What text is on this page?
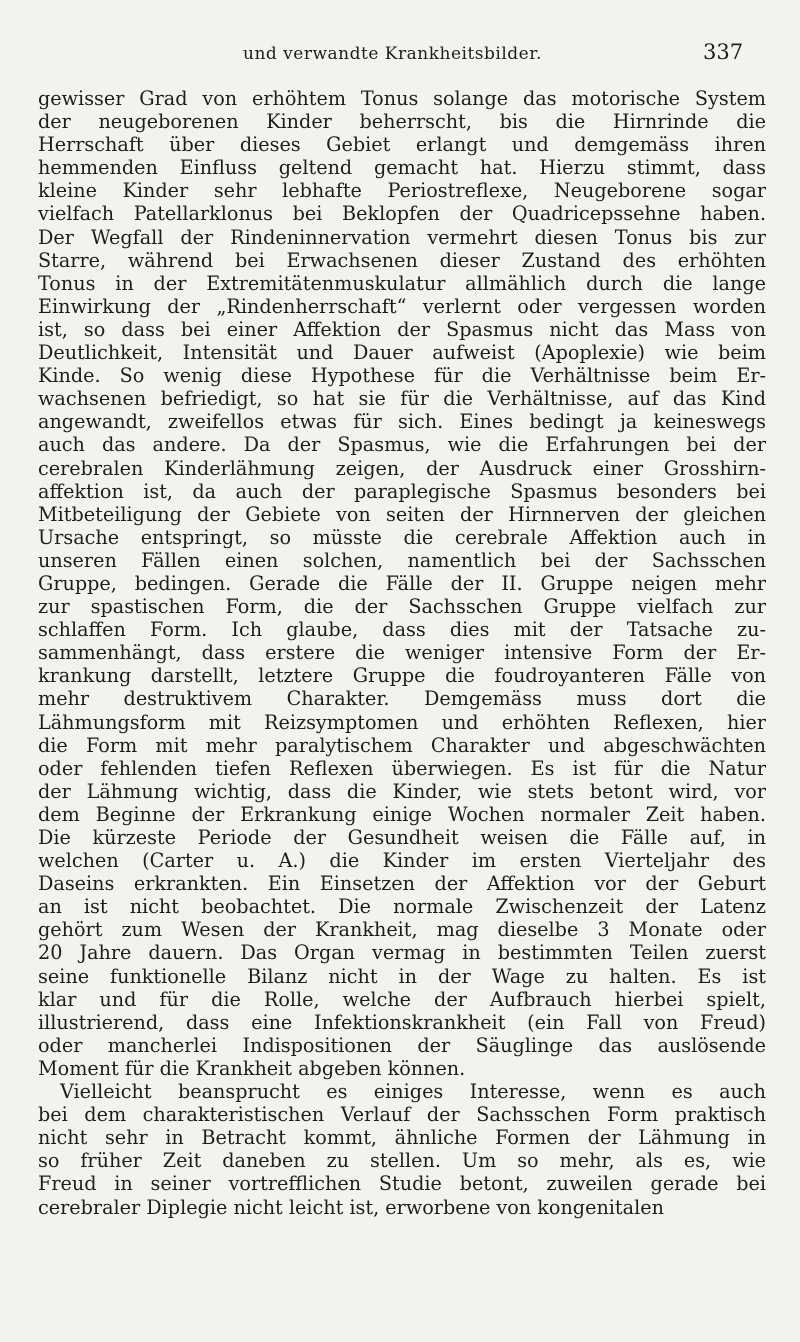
und verwandte Krankheitsbilder.	337
gewisser Grad von erhöhtem Tonus solange das motorische System
der neugeborenen Kinder beherrscht, bis die Hirnrinde die
Herrschaft über dieses Gebiet erlangt und demgemäss ihren
hemmenden Einfluss geltend gemacht hat. Hierzu stimmt, dass
kleine Kinder sehr lebhafte Periostreflexe, Neugeborene sogar
vielfach Patellarklonus bei Beklopfen der Quadricepssehne haben.
Der Wegfall der Rindeninnervation vermehrt diesen Tonus bis zur
Starre, während bei Erwachsenen dieser Zustand des erhöhten
Tonus in der Extremitätenmuskulatur allmählich durch die lange
Einwirkung der „Rindenherrschaft“ verlernt oder vergessen worden
ist, so dass bei einer Affektion der Spasmus nicht das Mass von
Deutlichkeit, Intensität und Dauer aufweist (Apoplexie) wie beim
Kinde. So wenig diese Hypothese für die Verhältnisse beim Er-
wachsenen befriedigt, so hat sie für die Verhältnisse, auf das Kind
angewandt, zweifellos etwas für sich. Eines bedingt ja keineswegs
auch das andere. Da der Spasmus, wie die Erfahrungen bei der
cerebralen Kinderlähmung zeigen, der Ausdruck einer Grosshirn-
affektion ist, da auch der paraplegische Spasmus besonders bei
Mitbeteiligung der Gebiete von seiten der Hirnnerven der gleichen
Ursache entspringt, so müsste die cerebrale Affektion auch in
unseren Fällen einen solchen, namentlich bei der Sachsschen
Gruppe, bedingen. Gerade die Fälle der II. Gruppe neigen mehr
zur spastischen Form, die der Sachsschen Gruppe vielfach zur
schlaffen Form. Ich glaube, dass dies mit der Tatsache zu-
sammenhängt, dass erstere die weniger intensive Form der Er-
krankung darstellt, letztere Gruppe die foudroyanteren Fälle von
mehr destruktivem Charakter. Demgemäss muss dort die
Lähmungsform mit Reizsymptomen und erhöhten Reflexen, hier
die Form mit mehr paralytischem Charakter und abgeschwächten
oder fehlenden tiefen Reflexen überwiegen. Es ist für die Natur
der Lähmung wichtig, dass die Kinder, wie stets betont wird, vor
dem Beginne der Erkrankung einige Wochen normaler Zeit haben.
Die kürzeste Periode der Gesundheit weisen die Fälle auf, in
welchen (Carter u. A.) die Kinder im ersten Vierteljahr des
Daseins erkrankten. Ein Einsetzen der Affektion vor der Geburt
an ist nicht beobachtet. Die normale Zwischenzeit der Latenz
gehört zum Wesen der Krankheit, mag dieselbe 3 Monate oder
20 Jahre dauern. Das Organ vermag in bestimmten Teilen zuerst
seine funktionelle Bilanz nicht in der Wage zu halten. Es ist
klar und für die Rolle, welche der Aufbrauch hierbei spielt,
illustrierend, dass eine Infektionskrankheit (ein Fall von Freud)
oder mancherlei Indispositionen der Säuglinge das auslösende
Moment für die Krankheit abgeben können.
Vielleicht beansprucht es einiges Interesse, wenn es auch
bei dem charakteristischen Verlauf der Sachsschen Form praktisch
nicht sehr in Betracht kommt, ähnliche Formen der Lähmung in
so früher Zeit daneben zu stellen. Um so mehr, als es, wie
Freud in seiner vortrefflichen Studie betont, zuweilen gerade bei
cerebraler Diplegie nicht leicht ist, erworbene von kongenitalen
